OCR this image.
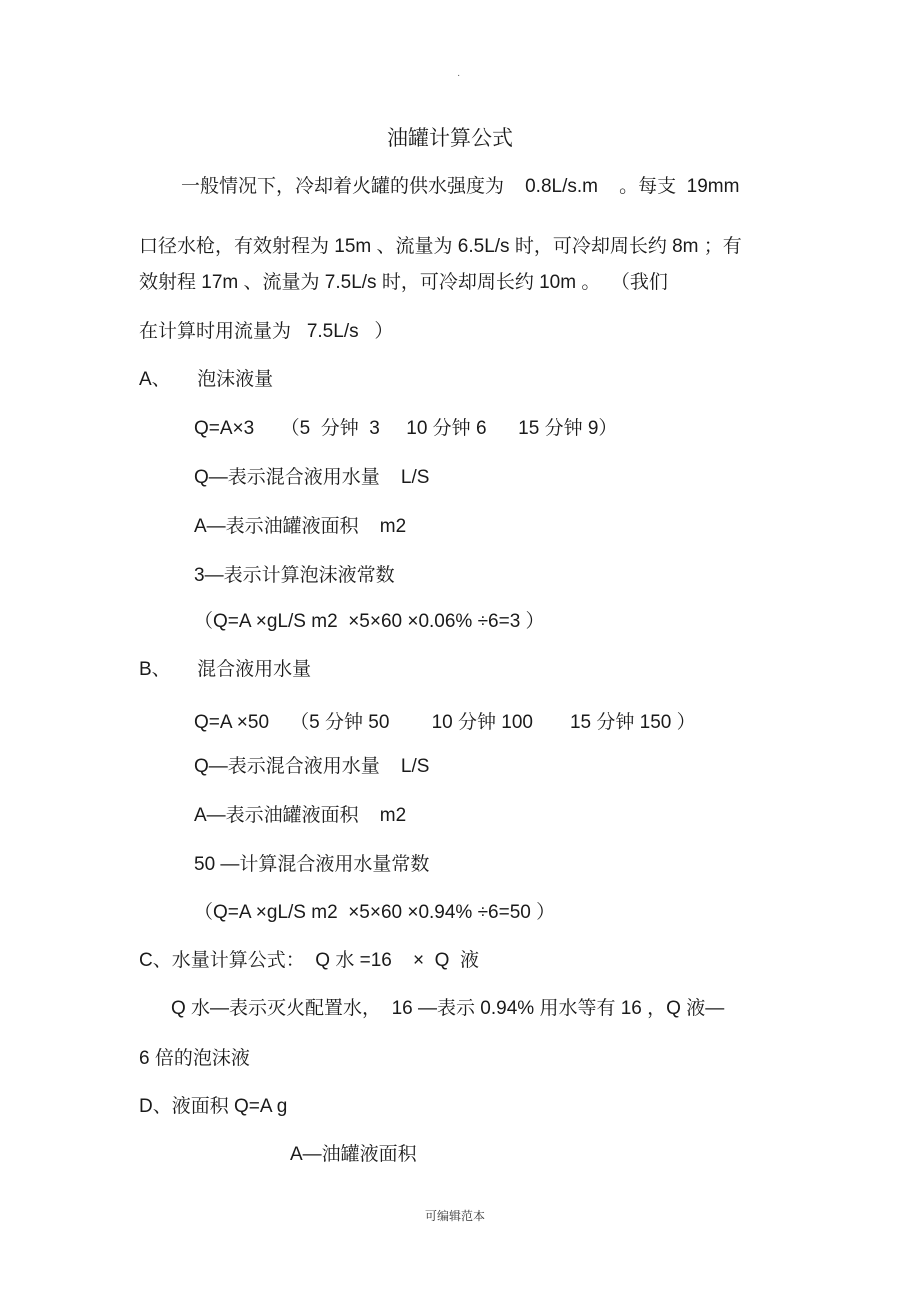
·
油罐计算公式
一般情况下，冷却着火罐的供水强度为    0.8L/s.m    。每支  19mm
口径水枪，有效射程为 15m 、流量为 6.5L/s 时，可冷却周长约 8m ；有
效射程 17m 、流量为 7.5L/s 时，可冷却周长约 10m 。  （我们
在计算时用流量为   7.5L/s   ）
A、     泡沫液量
Q=A×3     （5  分钟  3     10 分钟 6      15 分钟 9）
Q—表示混合液用水量    L/S
A—表示油罐液面积    m2
3—表示计算泡沫液常数
（Q=A ×gL/S m2  ×5×60 ×0.06% ÷6=3 ）
B、     混合液用水量
Q=A ×50    （5 分钟 50        10 分钟 100       15 分钟 150 ）
Q—表示混合液用水量    L/S
A—表示油罐液面积    m2
50 —计算混合液用水量常数
（Q=A ×gL/S m2  ×5×60 ×0.94% ÷6=50 ）
C、水量计算公式：  Q 水 =16    ×  Q  液
Q 水—表示灭火配置水，  16 —表示 0.94% 用水等有 16 ，Q 液—
6 倍的泡沫液
D、液面积 Q=A g
A—油罐液面积
可编辑范本
